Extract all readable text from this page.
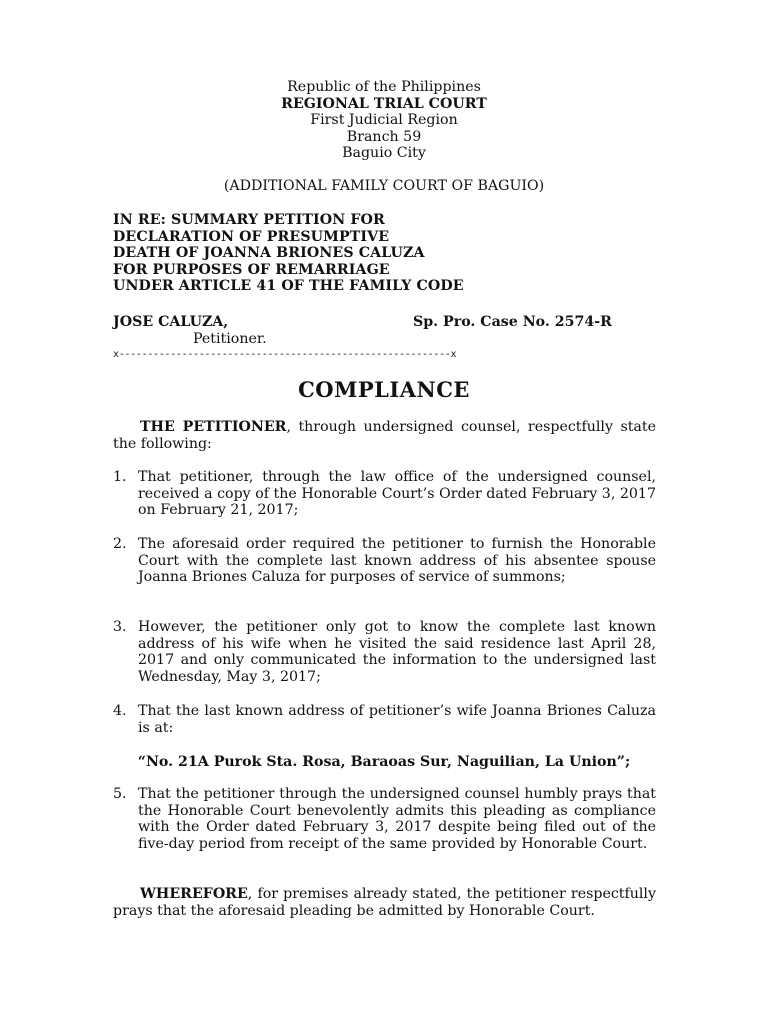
Republic of the Philippines
REGIONAL TRIAL COURT
First Judicial Region
Branch 59
Baguio City
(ADDITIONAL FAMILY COURT OF BAGUIO)
IN RE: SUMMARY PETITION FOR
DECLARATION OF PRESUMPTIVE
DEATH OF JOANNA BRIONES CALUZA
FOR PURPOSES OF REMARRIAGE
UNDER ARTICLE 41 OF THE FAMILY CODE
JOSE CALUZA,	Sp. Pro. Case No. 2574-R
Petitioner.
x----------------------------------------------------------x
COMPLIANCE
THE PETITIONER, through undersigned counsel, respectfully state the following:
1. That petitioner, through the law office of the undersigned counsel, received a copy of the Honorable Court’s Order dated February 3, 2017 on February 21, 2017;
2. The aforesaid order required the petitioner to furnish the Honorable Court with the complete last known address of his absentee spouse Joanna Briones Caluza for purposes of service of summons;
3. However, the petitioner only got to know the complete last known address of his wife when he visited the said residence last April 28, 2017 and only communicated the information to the undersigned last Wednesday, May 3, 2017;
4. That the last known address of petitioner’s wife Joanna Briones Caluza is at:
“No. 21A Purok Sta. Rosa, Baraoas Sur, Naguilian, La Union”;
5. That the petitioner through the undersigned counsel humbly prays that the Honorable Court benevolently admits this pleading as compliance with the Order dated February 3, 2017 despite being filed out of the five-day period from receipt of the same provided by Honorable Court.
WHEREFORE, for premises already stated, the petitioner respectfully prays that the aforesaid pleading be admitted by Honorable Court.
